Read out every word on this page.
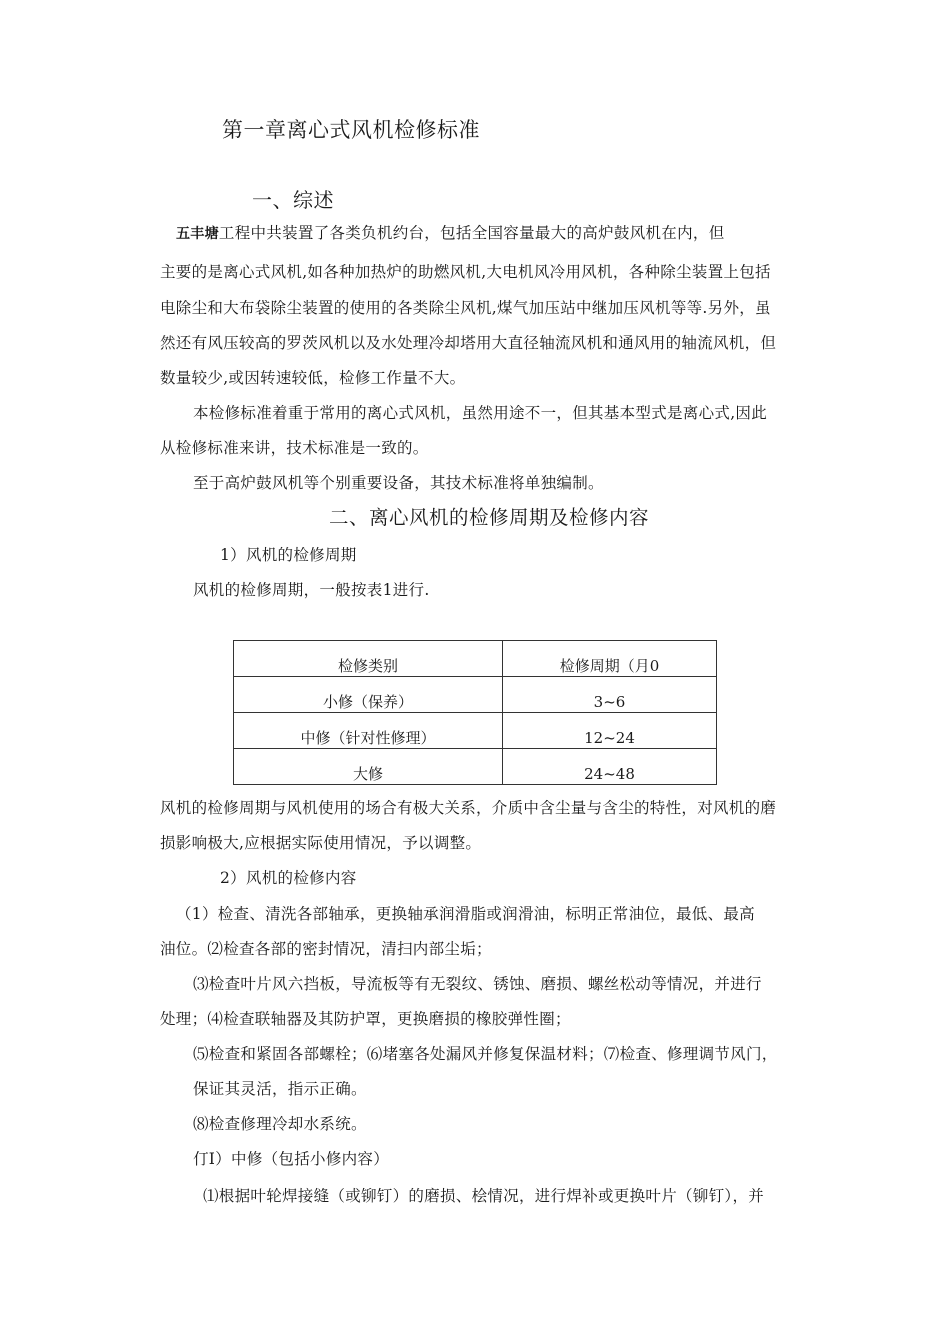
第一章离心式风机检修标准
一、综述
五丰塘工程中共装置了各类负机约台，包括全国容量最大的高炉鼓风机在内，但
主要的是离心式风机,如各种加热炉的助燃风机,大电机风冷用风机，各种除尘装置上包括
电除尘和大布袋除尘装置的使用的各类除尘风机,煤气加压站中继加压风机等等.另外，虽
然还有风压较高的罗茨风机以及水处理冷却塔用大直径轴流风机和通风用的轴流风机，但
数量较少,或因转速较低，检修工作量不大。
本检修标准着重于常用的离心式风机，虽然用途不一，但其基本型式是离心式,因此
从检修标准来讲，技术标准是一致的。
至于高炉鼓风机等个别重要设备，其技术标准将单独编制。
二、离心风机的检修周期及检修内容
1）风机的检修周期
风机的检修周期，一般按表1进行.
检修类别	检修周期（月0
小修（保养）	3~6
中修（针对性修理）	12~24
大修	24~48
风机的检修周期与风机使用的场合有极大关系，介质中含尘量与含尘的特性，对风机的磨
损影响极大,应根据实际使用情况，予以调整。
2）风机的检修内容
（1）检查、清洗各部轴承，更换轴承润滑脂或润滑油，标明正常油位，最低、最高
油位。⑵检查各部的密封情况，清扫内部尘垢；
⑶检查叶片风六挡板，导流板等有无裂纹、锈蚀、磨损、螺丝松动等情况，并进行
处理；⑷检查联轴器及其防护罩，更换磨损的橡胶弹性圈；
⑸检查和紧固各部螺栓；⑹堵塞各处漏风并修复保温材料；⑺检查、修理调节风门，
保证其灵活，指示正确。
⑻检查修理冷却水系统。
仃I）中修（包括小修内容）
⑴根据叶轮焊接缝（或铆钉）的磨损、桧情况，进行焊补或更换叶片（铆钉），并
